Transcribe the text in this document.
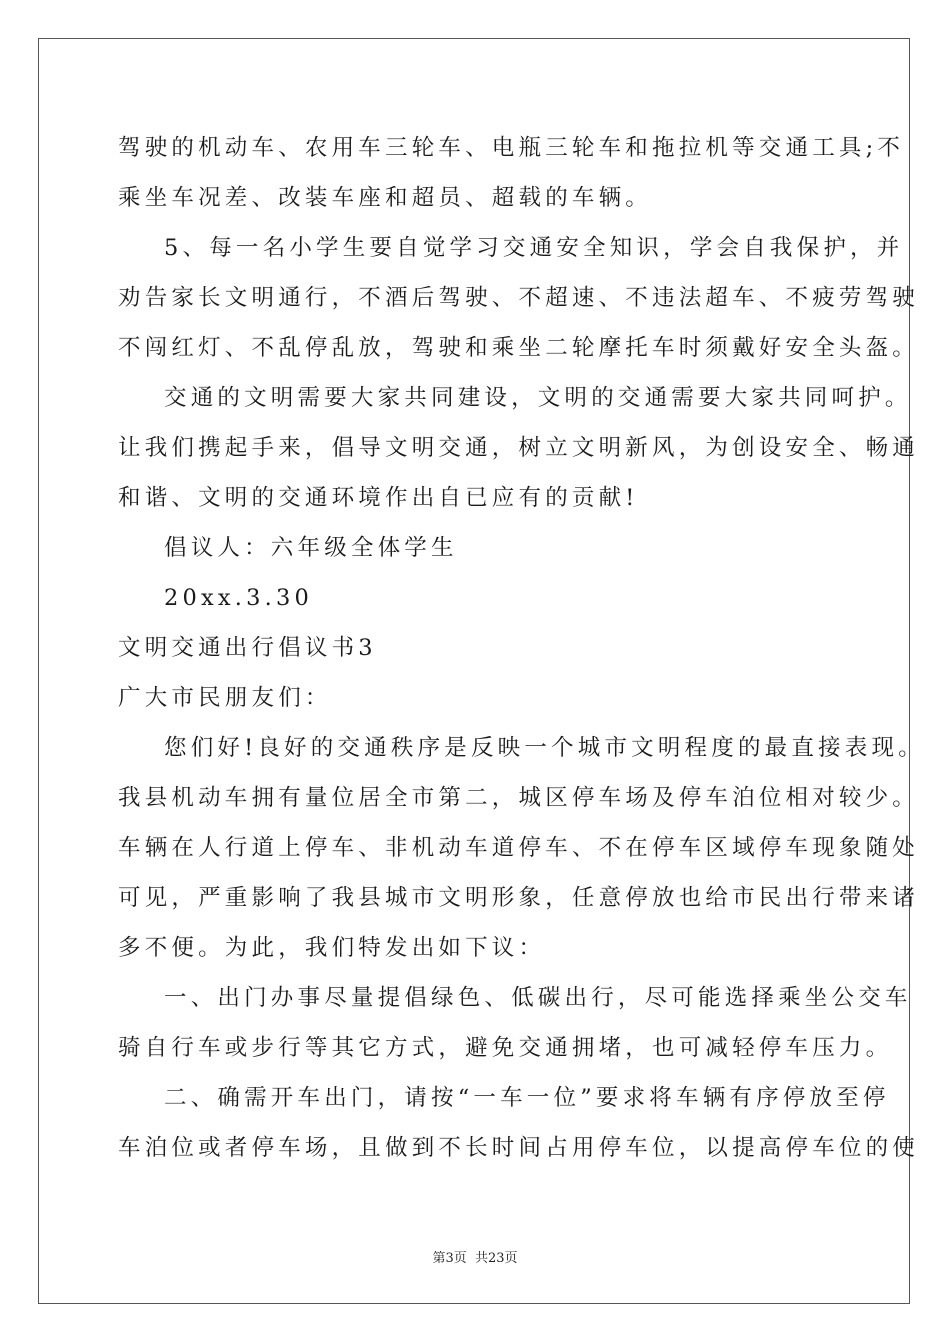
驾驶的机动车、农用车三轮车、电瓶三轮车和拖拉机等交通工具;不
乘坐车况差、改装车座和超员、超载的车辆。
5、每一名小学生要自觉学习交通安全知识，学会自我保护，并
劝告家长文明通行，不酒后驾驶、不超速、不违法超车、不疲劳驾驶
不闯红灯、不乱停乱放，驾驶和乘坐二轮摩托车时须戴好安全头盔。
交通的文明需要大家共同建设，文明的交通需要大家共同呵护。
让我们携起手来，倡导文明交通，树立文明新风，为创设安全、畅通
和谐、文明的交通环境作出自已应有的贡献!
倡议人：六年级全体学生
20xx.3.30
文明交通出行倡议书3
广大市民朋友们：
您们好!良好的交通秩序是反映一个城市文明程度的最直接表现。
我县机动车拥有量位居全市第二，城区停车场及停车泊位相对较少。
车辆在人行道上停车、非机动车道停车、不在停车区域停车现象随处
可见，严重影响了我县城市文明形象，任意停放也给市民出行带来诸
多不便。为此，我们特发出如下议：
一、出门办事尽量提倡绿色、低碳出行，尽可能选择乘坐公交车
骑自行车或步行等其它方式，避免交通拥堵，也可减轻停车压力。
二、确需开车出门，请按“一车一位”要求将车辆有序停放至停
车泊位或者停车场，且做到不长时间占用停车位，以提高停车位的使
第3页  共23页
